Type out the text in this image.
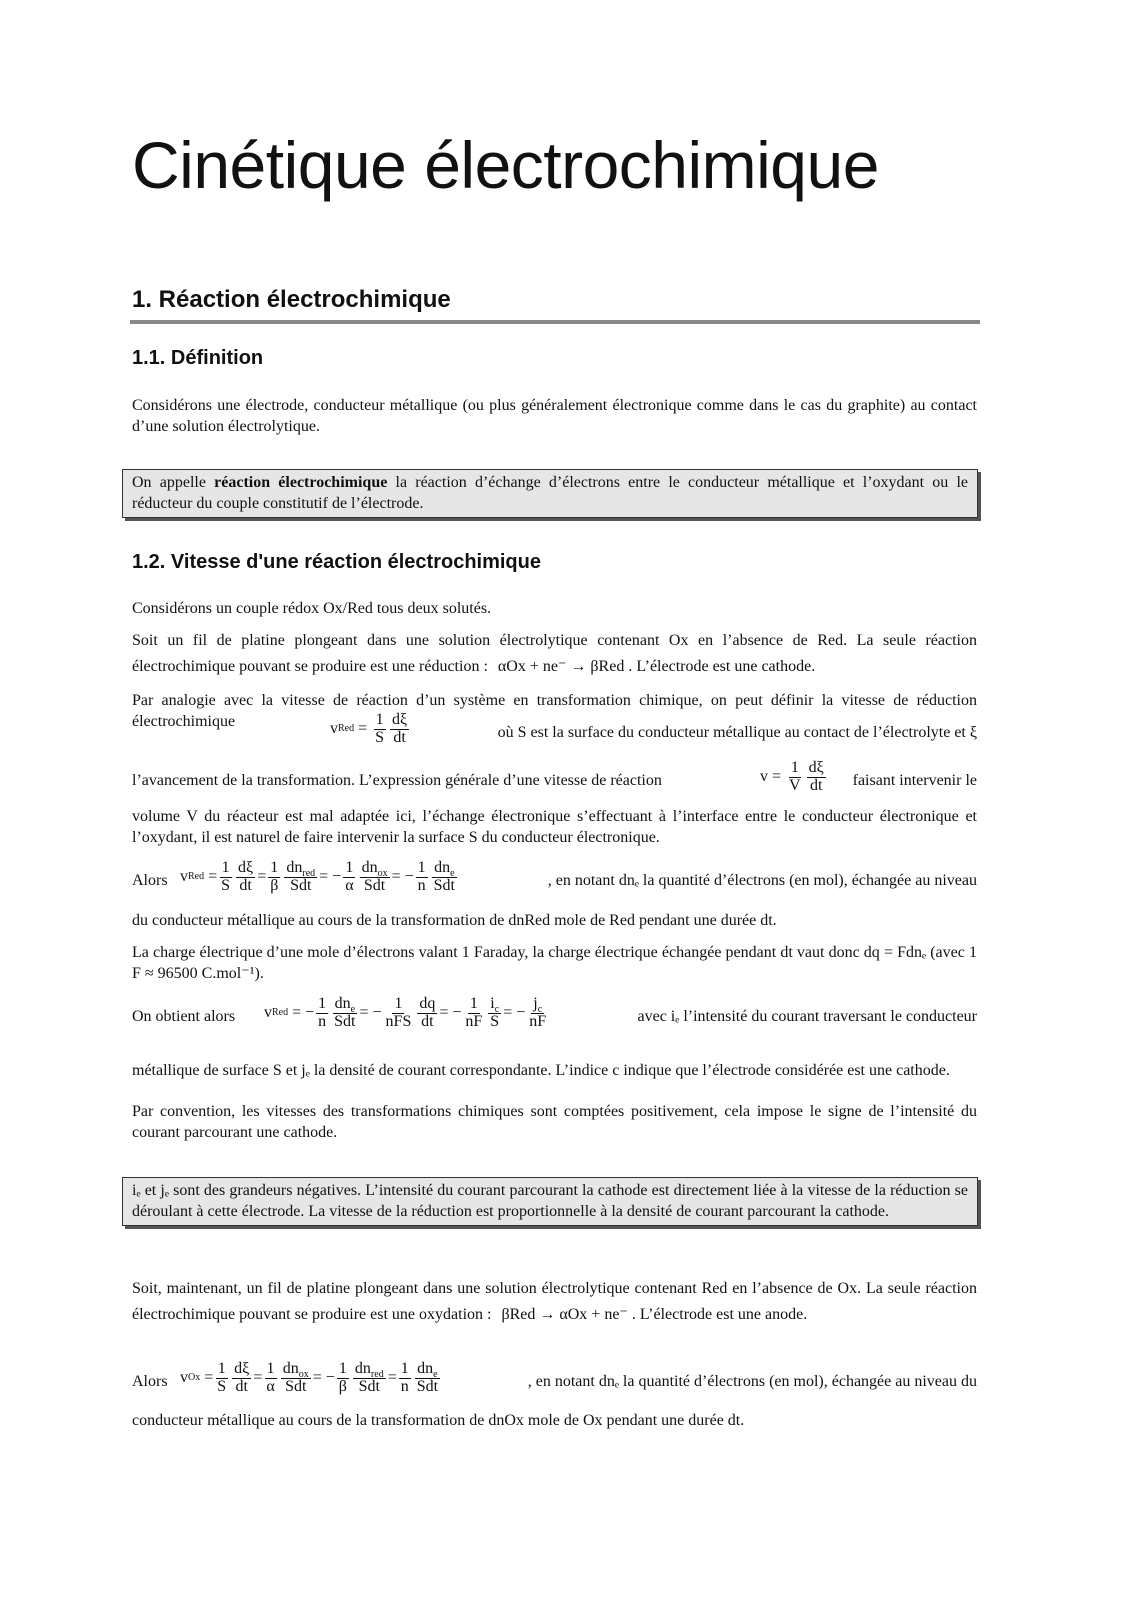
Cinétique électrochimique
1. Réaction électrochimique
1.1. Définition

Considérons une électrode, conducteur métallique (ou plus généralement électronique comme dans le cas du graphite) au contact d’une solution électrolytique.

On appelle réaction électrochimique la réaction d’échange d’électrons entre le conducteur métallique et l’oxydant ou le réducteur du couple constitutif de l’électrode.
1.2. Vitesse d'une réaction électrochimique

Considérons un couple rédox Ox/Red tous deux solutés.

Soit un fil de platine plongeant dans une solution électrolytique contenant Ox en l’absence de Red. La seule réaction électrochimique pouvant se produire est une réduction : αOx + ne⁻ → βRed . L’électrode est une cathode.

Par analogie avec la vitesse de réaction d’un système en transformation chimique, on peut définir la vitesse de réduction électrochimique	v Red = $\frac{1}{S} \frac{d\xi}{dt}$	où S est la surface du conducteur métallique au contact de l’électrolyte et ξ
l’avancement de la transformation. L’expression générale d’une vitesse de réaction	$v = \frac{1}{V} \frac{d\xi}{dt}$	faisant intervenir le

volume V du réacteur est mal adaptée ici, l’échange électronique s’effectuant à l’interface entre le conducteur électronique et l’oxydant, il est naturel de faire intervenir la surface S du conducteur électronique.

Alors v Red = $\frac{1}{S} \frac{d\xi}{dt} = \frac{1}{\beta} \frac{dn_{red}}{\text{Sdt}}$ = − $\frac{1}{\alpha} \frac{dn_{ox}}{\text{Sdt}}$ = − $\frac{1}{n} \frac{dn_e}{\text{Sdt}}$	, en notant dnₑ la quantité d’électrons (en mol), échangée au niveau

du conducteur métallique au cours de la transformation de dnRed mole de Red pendant une durée dt.

La charge électrique d’une mole d’électrons valant 1 Faraday, la charge électrique échangée pendant dt vaut donc dq = Fdnₑ (avec 1 F ≈ 96500 C.mol⁻¹).

On obtient alors v Red = − $\frac{1}{n} \frac{dn_e}{\text{Sdt}}$ = − $\frac{1}{\text{nFS}} \frac{dq}{dt}$ = − $\frac{1}{nF} \frac{i_c}{S}$ = − $\frac{j_c}{nF}$	avec iₑ l’intensité du courant traversant le conducteur

métallique de surface S et jₑ la densité de courant correspondante. L’indice c indique que l’électrode considérée est une cathode.

Par convention, les vitesses des transformations chimiques sont comptées positivement, cela impose le signe de l’intensité du courant parcourant une cathode.

iₑ et jₑ sont des grandeurs négatives. L’intensité du courant parcourant la cathode est directement liée à la vitesse de la réduction se déroulant à cette électrode. La vitesse de la réduction est proportionnelle à la densité de courant parcourant la cathode.

Soit, maintenant, un fil de platine plongeant dans une solution électrolytique contenant Red en l’absence de Ox. La seule réaction électrochimique pouvant se produire est une oxydation : βRed → αOx + ne⁻ . L’électrode est une anode.

Alors v $Ox = \frac{1}{S} \frac{d\xi}{dt} = \frac{1}{\alpha} \frac{dn_{ox}}{\text{Sdt}}$ = − $\frac{1}{\beta} \frac{dn_{red}}{\text{Sdt}} = \frac{1}{n} \frac{dn_e}{\text{Sdt}}$	, en notant dnₑ la quantité d’électrons (en mol), échangée au niveau du

conducteur métallique au cours de la transformation de dnOx mole de Ox pendant une durée dt.
